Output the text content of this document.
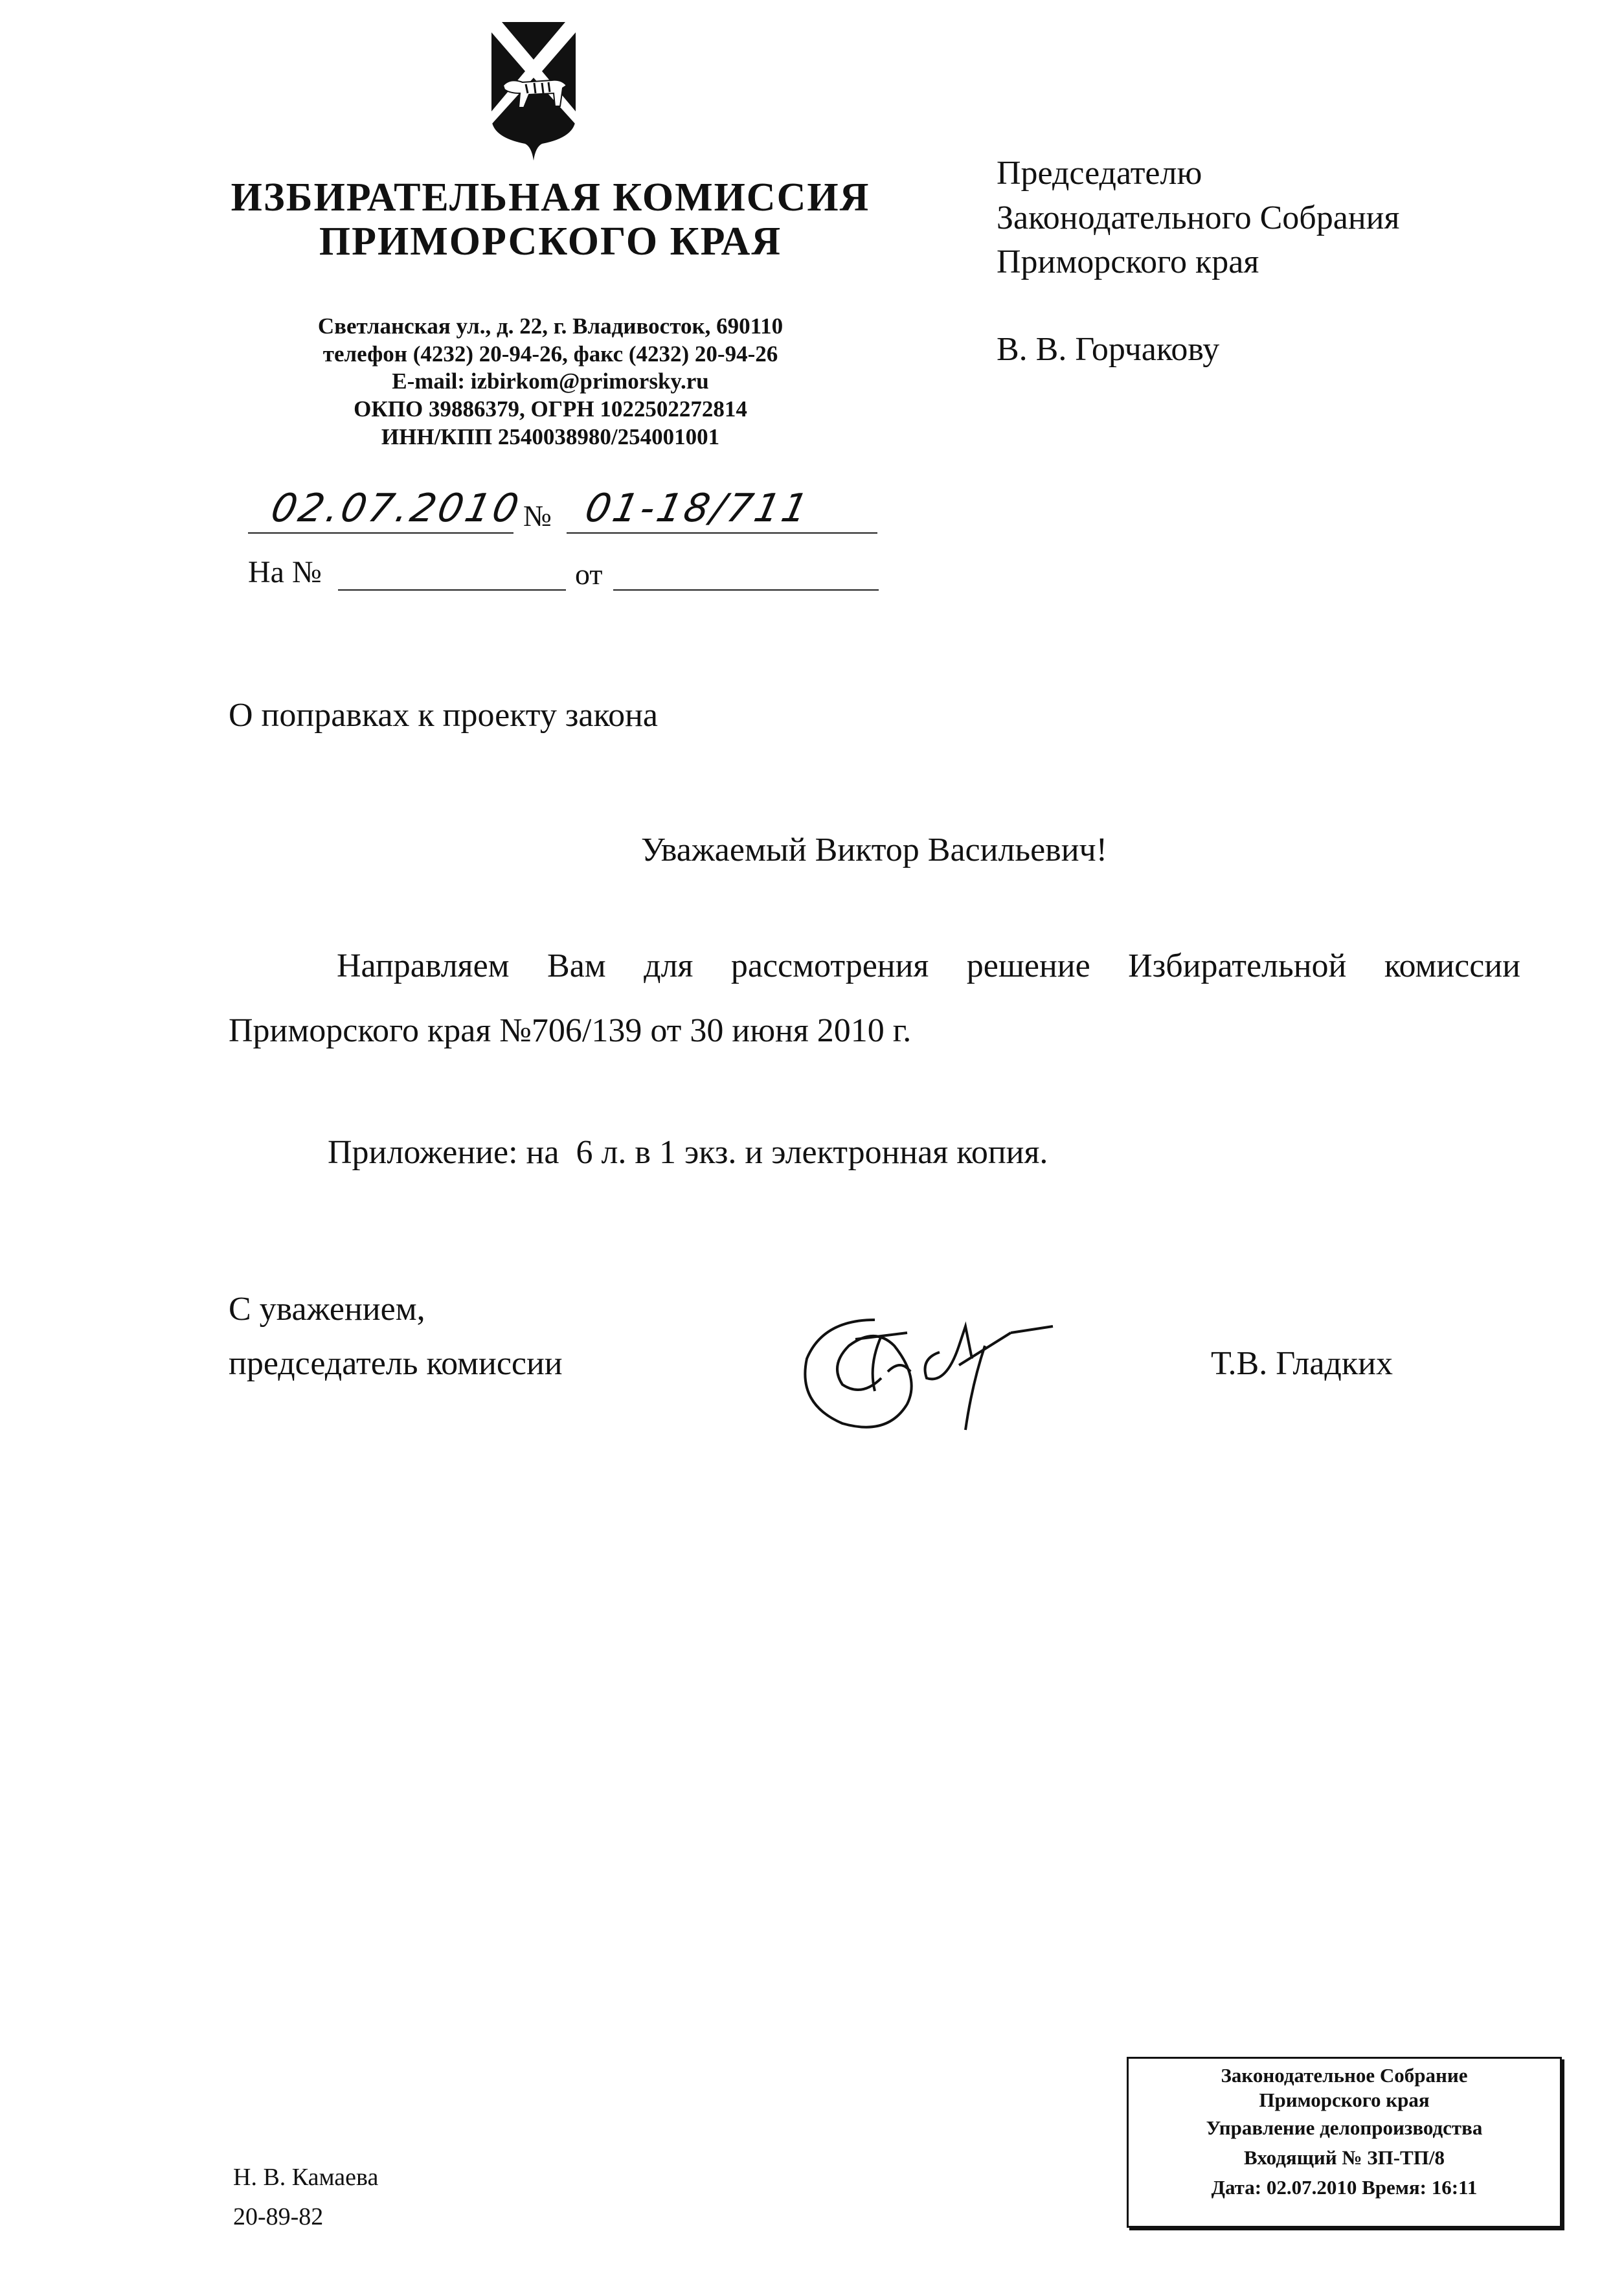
ИЗБИРАТЕЛЬНАЯ КОМИССИЯ
ПРИМОРСКОГО КРАЯ
Светланская ул., д. 22, г. Владивосток, 690110
телефон (4232) 20-94-26, факс (4232) 20-94-26
E-mail: izbirkom@primorsky.ru
ОКПО 39886379, ОГРН 1022502272814
ИНН/КПП 2540038980/254001001
02.07.2010
№ 01-18/711
На №	от
Председателю
Законодательного Собрания
Приморского края
В. В. Горчакову
О поправках к проекту закона
Уважаемый Виктор Васильевич!
Направляем Вам для рассмотрения решение Избирательной комиссии
Приморского края №706/139 от 30 июня 2010 г.
Приложение: на  6 л. в 1 экз. и электронная копия.
С уважением,
председатель комиссии	Т.В. Гладких
Н. В. Камаева
20-89-82
Законодательное Собрание
Приморского края
Управление делопроизводства
Входящий № ЗП-ТП/8
Дата: 02.07.2010 Время: 16:11
